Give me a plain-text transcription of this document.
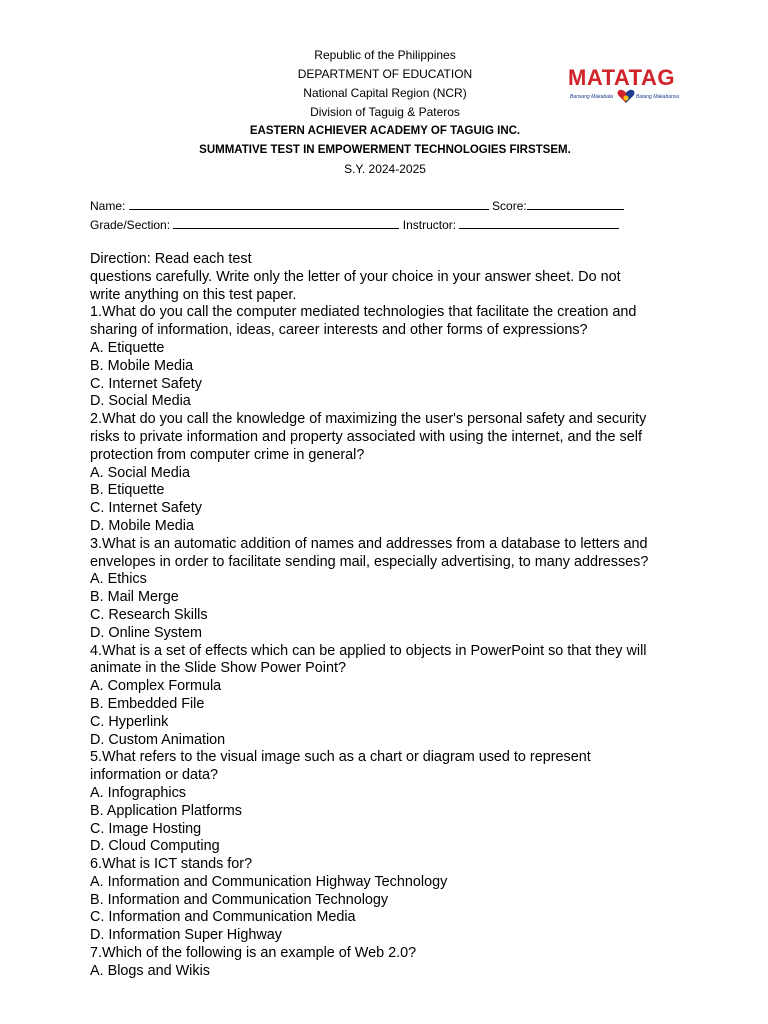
Republic of the Philippines
DEPARTMENT OF EDUCATION
National Capital Region (NCR)
Division of Taguig & Pateros
EASTERN ACHIEVER ACADEMY OF TAGUIG INC.
SUMMATIVE TEST IN EMPOWERMENT TECHNOLOGIES FIRSTSEM.
S.Y. 2024-2025
MATATAG
Bansang Makabata	Batang Makabansa
Name:	Score:
Grade/Section:	Instructor:

Direction: Read each test

questions carefully. Write only the letter of your choice in your answer sheet. Do not

write anything on this test paper.

1.What do you call the computer mediated technologies that facilitate the creation and

sharing of information, ideas, career interests and other forms of expressions?

A. Etiquette

B. Mobile Media

C. Internet Safety

D. Social Media

2.What do you call the knowledge of maximizing the user's personal safety and security

risks to private information and property associated with using the internet, and the self

protection from computer crime in general?

A. Social Media

B. Etiquette

C. Internet Safety

D. Mobile Media

3.What is an automatic addition of names and addresses from a database to letters and

envelopes in order to facilitate sending mail, especially advertising, to many addresses?

A. Ethics

B. Mail Merge

C. Research Skills

D. Online System

4.What is a set of effects which can be applied to objects in PowerPoint so that they will

animate in the Slide Show Power Point?

A. Complex Formula

B. Embedded File

C. Hyperlink

D. Custom Animation

5.What refers to the visual image such as a chart or diagram used to represent

information or data?

A. Infographics

B. Application Platforms

C. Image Hosting

D. Cloud Computing

6.What is ICT stands for?

A. Information and Communication Highway Technology

B. Information and Communication Technology

C. Information and Communication Media

D. Information Super Highway

7.Which of the following is an example of Web 2.0?

A. Blogs and Wikis
